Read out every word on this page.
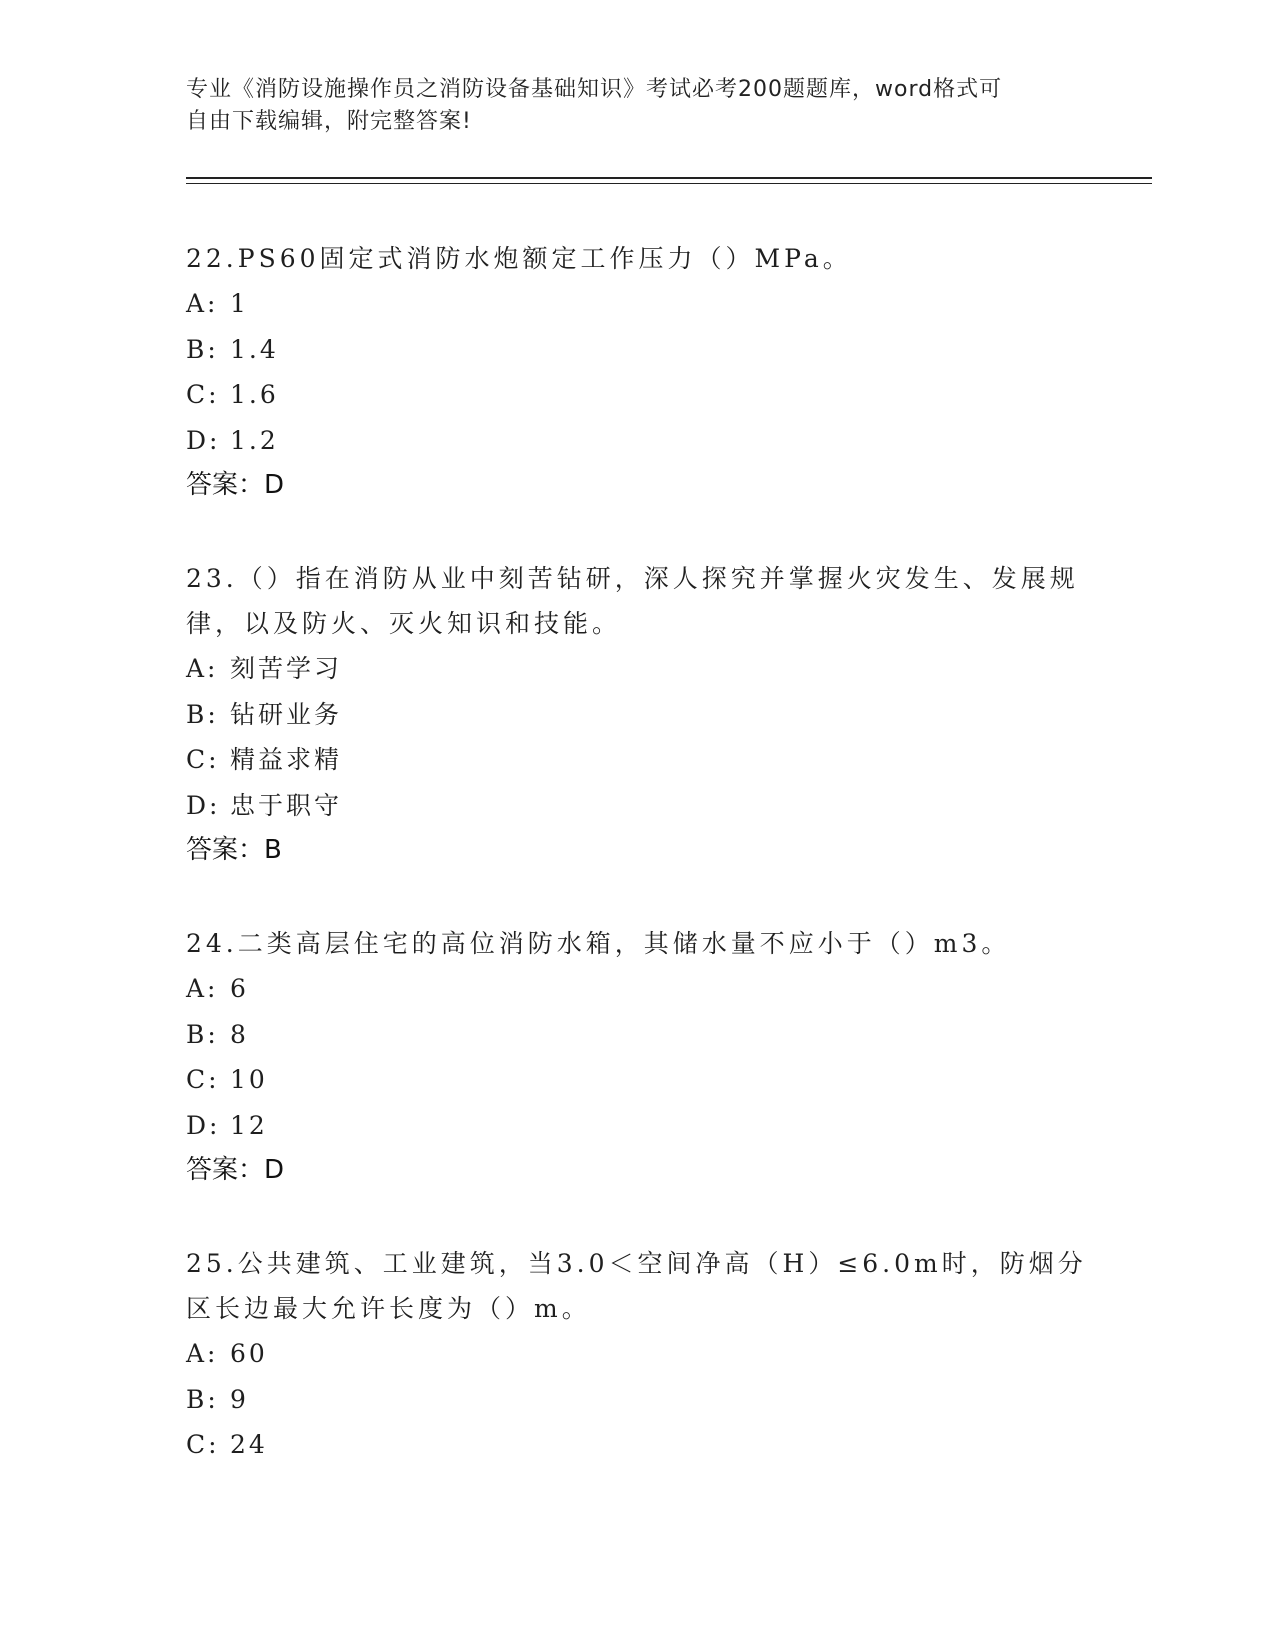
专业《消防设施操作员之消防设备基础知识》考试必考200题题库，word格式可
自由下载编辑，附完整答案!
22.PS60固定式消防水炮额定工作压力（）MPa。
A: 1
B: 1.4
C: 1.6
D: 1.2
答案：D
23.（）指在消防从业中刻苦钻研，深人探究并掌握火灾发生、发展规
律，以及防火、灭火知识和技能。
A: 刻苦学习
B: 钻研业务
C: 精益求精
D: 忠于职守
答案：B
24.二类高层住宅的高位消防水箱，其储水量不应小于（）m3。
A: 6
B: 8
C: 10
D: 12
答案：D
25.公共建筑、工业建筑，当3.0＜空间净高（H）≤6.0m时，防烟分
区长边最大允许长度为（）m。
A: 60
B: 9
C: 24
